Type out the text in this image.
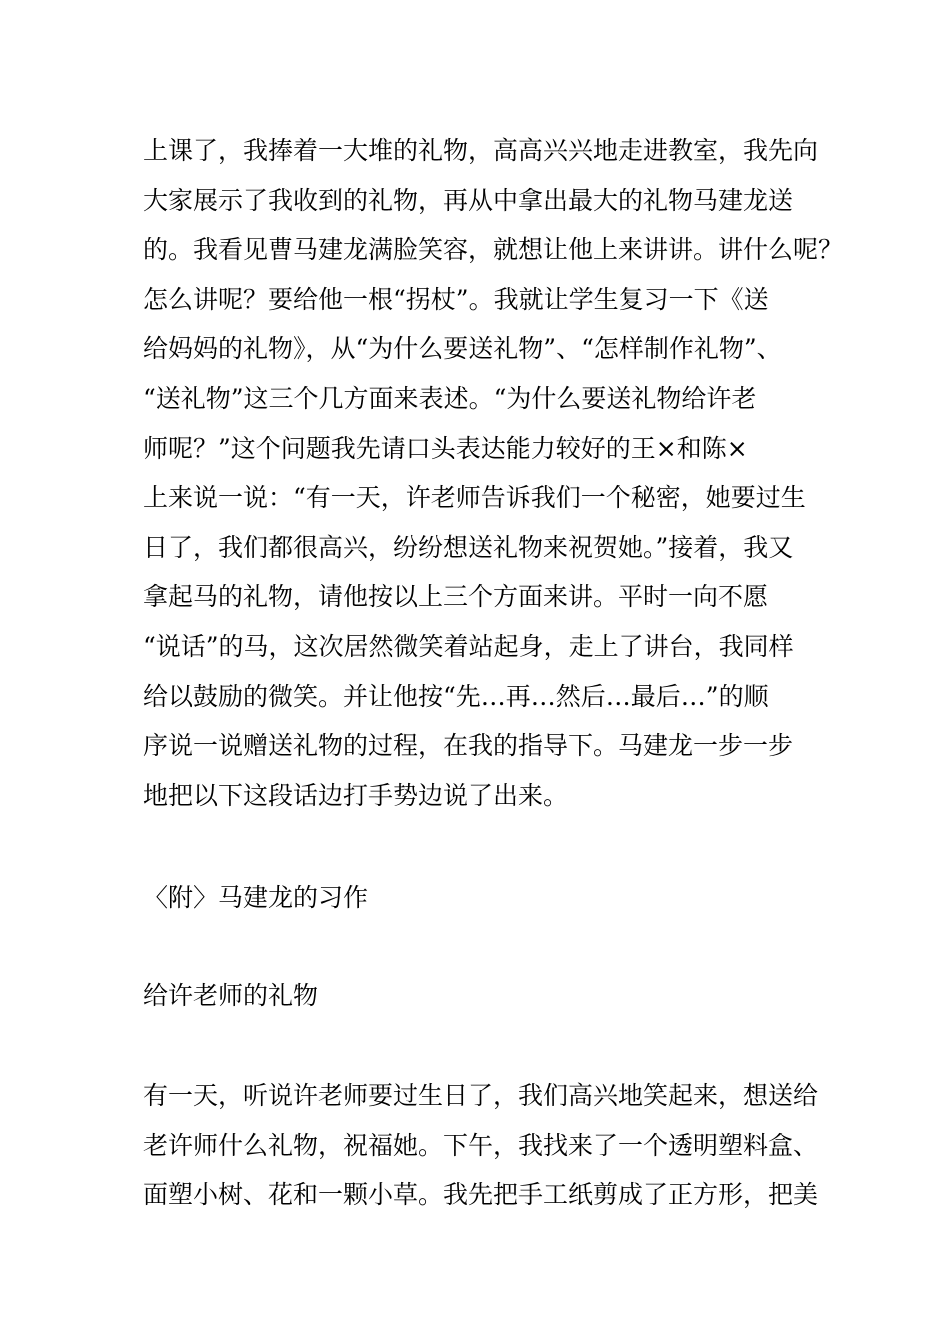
上课了，我捧着一大堆的礼物，高高兴兴地走进教室，我先向
大家展示了我收到的礼物，再从中拿出最大的礼物马建龙送
的。我看见曹马建龙满脸笑容，就想让他上来讲讲。讲什么呢？
怎么讲呢？要给他一根“拐杖”。我就让学生复习一下《送
给妈妈的礼物》，从“为什么要送礼物”、“怎样制作礼物”、
“送礼物”这三个几方面来表述。“为什么要送礼物给许老
师呢？”这个问题我先请口头表达能力较好的王×和陈×
上来说一说：“有一天，许老师告诉我们一个秘密，她要过生
日了，我们都很高兴，纷纷想送礼物来祝贺她。”接着，我又
拿起马的礼物，请他按以上三个方面来讲。平时一向不愿
“说话”的马，这次居然微笑着站起身，走上了讲台，我同样
给以鼓励的微笑。并让他按“先…再…然后…最后…”的顺
序说一说赠送礼物的过程，在我的指导下。马建龙一步一步
地把以下这段话边打手势边说了出来。
〈附〉马建龙的习作
给许老师的礼物
有一天，听说许老师要过生日了，我们高兴地笑起来，想送给
老许师什么礼物，祝福她。下午，我找来了一个透明塑料盒、
面塑小树、花和一颗小草。我先把手工纸剪成了正方形，把美
